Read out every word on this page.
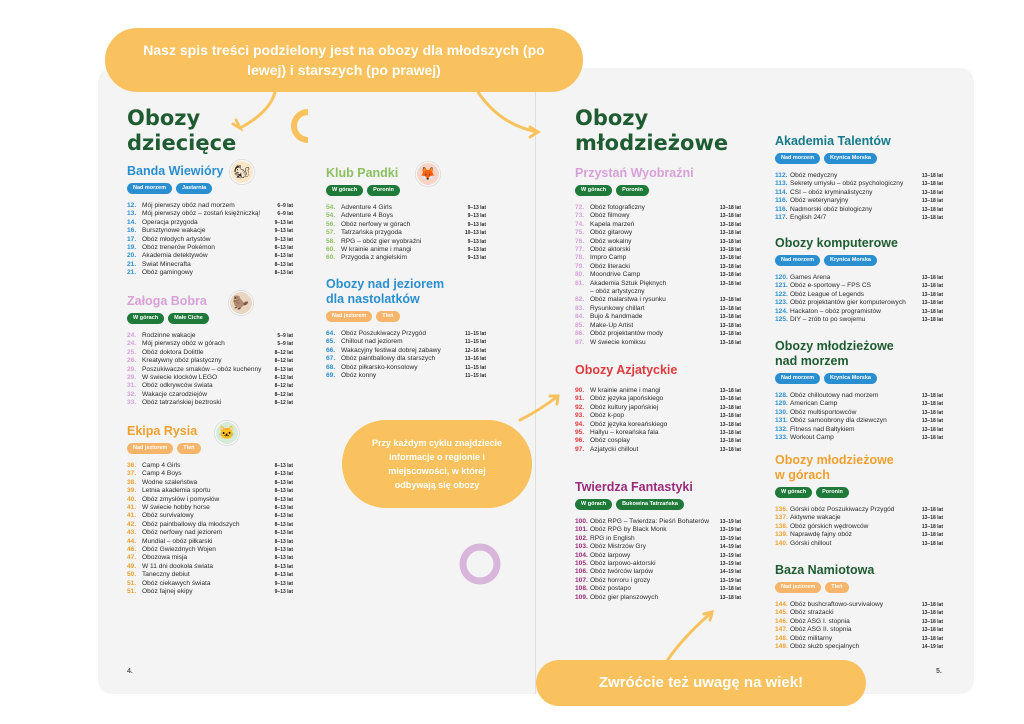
Obozy dziecięce
Banda Wiewióry
Nad morzem	Jastarnia
12. Mój pierwszy obóz nad morzem	6–9 lat
13. Mój pierwszy obóz – zostań księżniczką!	6–9 lat
14. Operacja przygoda	9–13 lat
16. Bursztynowe wakacje	9–13 lat
17. Obóz młodych artystów	9–13 lat
19. Obóz trenerów Pokémon	8–13 lat
20. Akademia detektywów	8–13 lat
21. Świat Minecrafta	8–13 lat
21. Obóz gamingowy	8–13 lat
🐿
Załoga Bobra
W górach	Małe Ciche
24. Rodzinne wakacje	5–9 lat
24. Mój pierwszy obóz w górach	5–9 lat
25. Obóz doktora Dolittle	8–12 lat
26. Kreatywny obóz plastyczny	8–12 lat
29. Poszukiwacze smaków – obóz kuchenny	8–13 lat
29. W świecie klocków LEGO	8–12 lat
31. Obóz odkrywców świata	8–12 lat
32. Wakacje czarodziejów	8–12 lat
33. Obóz tatrzańskiej beztroski	8–12 lat
🦫
Ekipa Rysia
Nad jeziorem	Tleń
36. Camp 4 Girls	8–13 lat
37. Camp 4 Boys	8–13 lat
38. Wodne szaleństwa	8–13 lat
39. Letnia akademia sportu	8–13 lat
40. Obóz zmysłów i pomysłów	8–13 lat
41. W świecie hobby horse	8–13 lat
41. Obóz survivalowy	8–13 lat
42. Obóz paintballowy dla młodszych	8–13 lat
43. Obóz nerfowy nad jeziorem	8–13 lat
44. Mundial – obóz piłkarski	8–13 lat
46. Obóz Gwiezdnych Wojen	8–13 lat
47. Obozowa misja	8–13 lat
49. W 11 dni dookoła świata	8–13 lat
50. Taneczny debiut	8–13 lat
51. Obóz ciekawych świata	9–13 lat
51. Obóz fajnej ekipy	9–13 lat
🐱
Klub Pandki
W górach	Poronin
54. Adventure 4 Girls	9–13 lat
54. Adventure 4 Boys	9–13 lat
56. Obóz nerfowy w górach	9–13 lat
57. Tatrzańska przygoda	10–13 lat
58. RPG – obóz gier wyobraźni	9–13 lat
60. W krainie anime i mangi	9–13 lat
60. Przygoda z angielskim	9–13 lat
🦊
Obozy nad jeziorem dla nastolatków
Nad jeziorem	Tleń
64. Obóz Poszukiwaczy Przygód	11–15 lat
65. Chillout nad jeziorem	11–15 lat
66. Wakacyjny festiwal dobrej zabawy	12–16 lat
67. Obóz paintballowy dla starszych	13–16 lat
68. Obóz piłkarsko-konsolowy	11–15 lat
69. Obóz konny	11–15 lat
4.
Obozy młodzieżowe
Przystań Wyobraźni
W górach	Poronin
72. Obóz fotograficzny	13–18 lat
73. Obóz filmowy	13–18 lat
74. Kapela marzeń	13–18 lat
75. Obóz gitarowy	13–18 lat
76. Obóz wokalny	13–18 lat
77. Obóz aktorski	13–18 lat
78. Impro Camp	13–18 lat
79. Obóz literacki	13–18 lat
80. Moondrive Camp	13–18 lat
81. Akademia Sztuk Pięknych	13–18 lat
– obóz artystyczny
82. Obóz malarstwa i rysunku	13–18 lat
83. Rysunkowy chillart	13–18 lat
84. Bujo & handmade	13–18 lat
85. Make-Up Artist	13–18 lat
86. Obóz projektantów mody	13–18 lat
87. W świecie komiksu	13–18 lat
Obozy Azjatyckie
90. W krainie anime i mangi	13–18 lat
91. Obóz języka japońskiego	13–18 lat
92. Obóz kultury japońskiej	13–18 lat
93. Obóz k-pop	13–18 lat
94. Obóz języka koreańskiego	13–18 lat
95. Hallyu – koreańska fala	13–18 lat
96. Obóz cosplay	13–18 lat
97. Azjatycki chillout	13–18 lat
Twierdza Fantastyki
W górach	Bukowina Tatrzańska
100. Obóz RPG – Twierdza: Pieśń Bohaterów	13–19 lat
101. Obóz RPG by Black Monk	13–19 lat
102. RPG in English	13–19 lat
103. Obóz Mistrzów Gry	14–19 lat
104. Obóz larpowy	13–19 lat
105. Obóz larpowo-aktorski	13–19 lat
106. Obóz twórców larpów	14–19 lat
107. Obóz horroru i grozy	13–19 lat
108. Obóz postapo	13–18 lat
109. Obóz gier planszowych	13–18 lat
Akademia Talentów
Nad morzem	Krynica Morska
112. Obóz medyczny	13–18 lat
113. Sekrety umysłu – obóz psychologiczny	13–18 lat
114. CSI – obóz kryminalistyczny	13–18 lat
116. Obóz weterynaryjny	13–18 lat
116. Nadmorski obóz biologiczny	13–18 lat
117. English 24/7	13–18 lat
Obozy komputerowe
Nad morzem	Krynica Morska
120. Games Arena	13–18 lat
121. Obóz e-sportowy – FPS CS	13–18 lat
122. Obóz League of Legends	13–18 lat
123. Obóz projektantów gier komputerowych	13–18 lat
124. Hackaton – obóz programistów	13–18 lat
125. DIY – zrób to po swojemu	13–18 lat
Obozy młodzieżowe nad morzem
Nad morzem	Krynica Morska
128. Obóz chilloutowy nad morzem	13–18 lat
129. American Camp	13–18 lat
130. Obóz multisportowców	13–18 lat
131. Obóz samoobrony dla dziewczyn	13–18 lat
132. Fitness nad Bałtykiem	13–18 lat
133. Workout Camp	13–18 lat
Obozy młodzieżowe w górach
W górach	Poronin
136. Górski obóz Poszukiwaczy Przygód	13–18 lat
137. Aktywne wakacje	13–18 lat
138. Obóz górskich wędrowców	13–18 lat
139. Naprawdę fajny obóz	13–18 lat
140. Górski chillout	13–18 lat
Baza Namiotowa
Nad jeziorem	Tleń
144. Obóz bushcraftowo-survivalowy	13–18 lat
145. Obóz strażacki	13–18 lat
146. Obóz ASG I. stopnia	13–18 lat
147. Obóz ASG II. stopnia	13–18 lat
148. Obóz militarny	13–18 lat
149. Obóz służb specjalnych	14–19 lat
5.
Nasz spis treści podzielony jest na obozy dla młodszych (po lewej) i starszych (po prawej)
Przy każdym cyklu znajdziecie informacje o regionie i miejscowości, w której odbywają się obozy
Zwróćcie też uwagę na wiek!
